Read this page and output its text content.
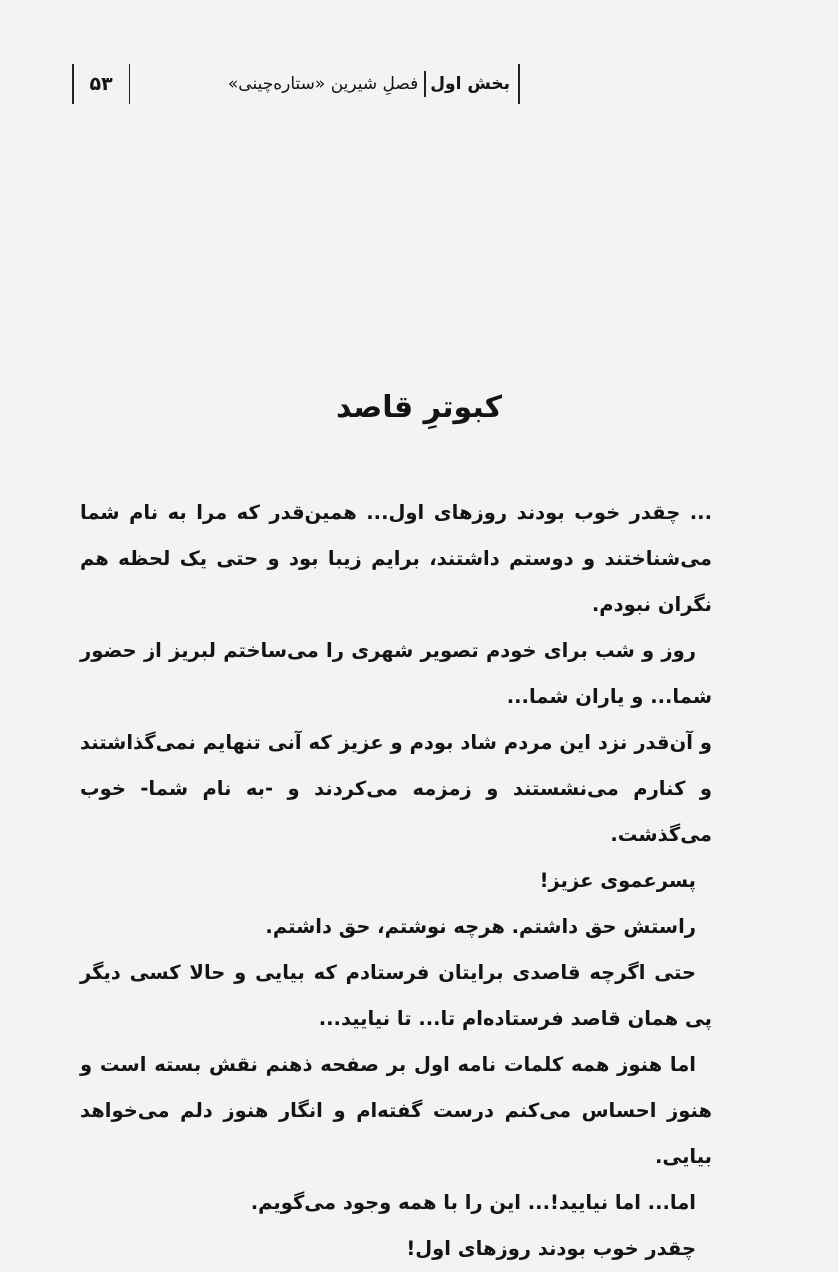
بخش اول
فصلِ شیرین «ستاره‌چینی»
۵۳
کبوترِ قاصد

... چقدر خوب بودند روزهای اول... همین‌قدر که مرا به نام شما می‌شناختند و دوستم داشتند، برایم زیبا بود و حتی یک لحظه هم نگران نبودم.

روز و شب برای خودم تصویر شهری را می‌ساختم لبریز از حضور شما... و یاران شما...

و آن‌قدر نزد این مردم شاد بودم و عزیز که آنی تنهایم نمی‌گذاشتند و کنارم می‌نشستند و زمزمه می‌کردند و -به نام شما- خوب می‌گذشت.

پسرعموی عزیز!

راستش حق داشتم. هرچه نوشتم، حق داشتم.

حتی اگرچه قاصدی برایتان فرستادم که بیایی و حالا کسی دیگر پی همان قاصد فرستاده‌ام تا... تا نیایید...

اما هنوز همه کلمات نامه اول بر صفحه ذهنم نقش بسته است و هنوز احساس می‌کنم درست گفته‌ام و انگار هنوز دلم می‌خواهد بیایی.

اما... اما نیایید!... این را با همه وجود می‌گویم.

چقدر خوب بودند روزهای اول!
